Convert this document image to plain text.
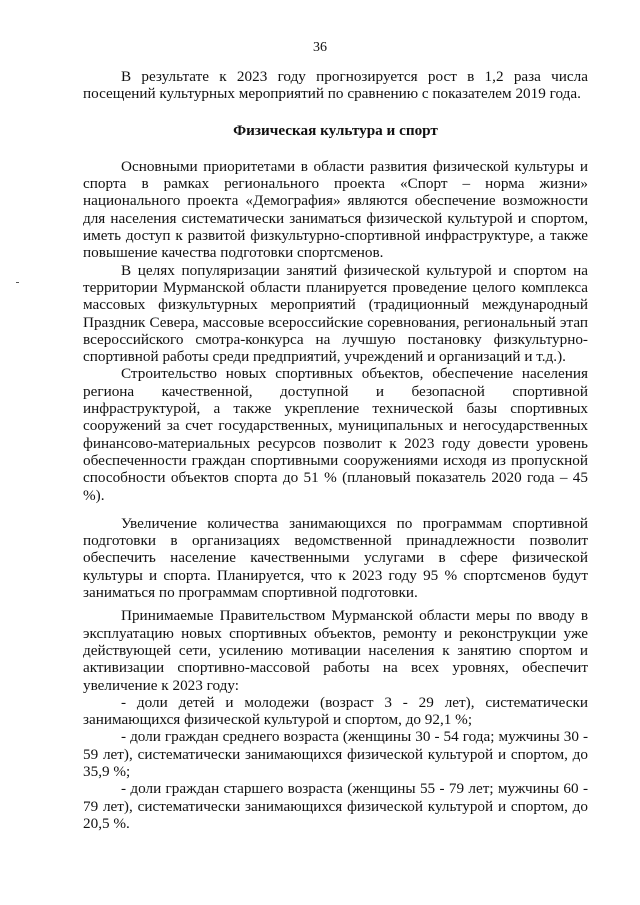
36

В результате к 2023 году прогнозируется рост в 1,2 раза числа посещений культурных мероприятий по сравнению с показателем 2019 года.

Физическая культура и спорт

Основными приоритетами в области развития физической культуры и спорта в рамках регионального проекта «Спорт – норма жизни» национального проекта «Демография» являются обеспечение возможности для населения систематически заниматься физической культурой и спортом, иметь доступ к развитой физкультурно-спортивной инфраструктуре, а также повышение качества подготовки спортсменов.

В целях популяризации занятий физической культурой и спортом на территории Мурманской области планируется проведение целого комплекса массовых физкультурных мероприятий (традиционный международный Праздник Севера, массовые всероссийские соревнования, региональный этап всероссийского смотра-конкурса на лучшую постановку физкультурно-спортивной работы среди предприятий, учреждений и организаций и т.д.).

Строительство новых спортивных объектов, обеспечение населения региона качественной, доступной и безопасной спортивной инфраструктурой, а также укрепление технической базы спортивных сооружений за счет государственных, муниципальных и негосударственных финансово-материальных ресурсов позволит к 2023 году довести уровень обеспеченности граждан спортивными сооружениями исходя из пропускной способности объектов спорта до 51 % (плановый показатель 2020 года – 45 %).

Увеличение количества занимающихся по программам спортивной подготовки в организациях ведомственной принадлежности позволит обеспечить население качественными услугами в сфере физической культуры и спорта. Планируется, что к 2023 году 95 % спортсменов будут заниматься по программам спортивной подготовки.

Принимаемые Правительством Мурманской области меры по вводу в эксплуатацию новых спортивных объектов, ремонту и реконструкции уже действующей сети, усилению мотивации населения к занятию спортом и активизации спортивно-массовой работы на всех уровнях, обеспечит увеличение к 2023 году:

- доли детей и молодежи (возраст 3 - 29 лет), систематически занимающихся физической культурой и спортом, до 92,1 %;

- доли граждан среднего возраста (женщины 30 - 54 года; мужчины 30 - 59 лет), систематически занимающихся физической культурой и спортом, до 35,9 %;

- доли граждан старшего возраста (женщины 55 - 79 лет; мужчины 60 - 79 лет), систематически занимающихся физической культурой и спортом, до 20,5 %.
